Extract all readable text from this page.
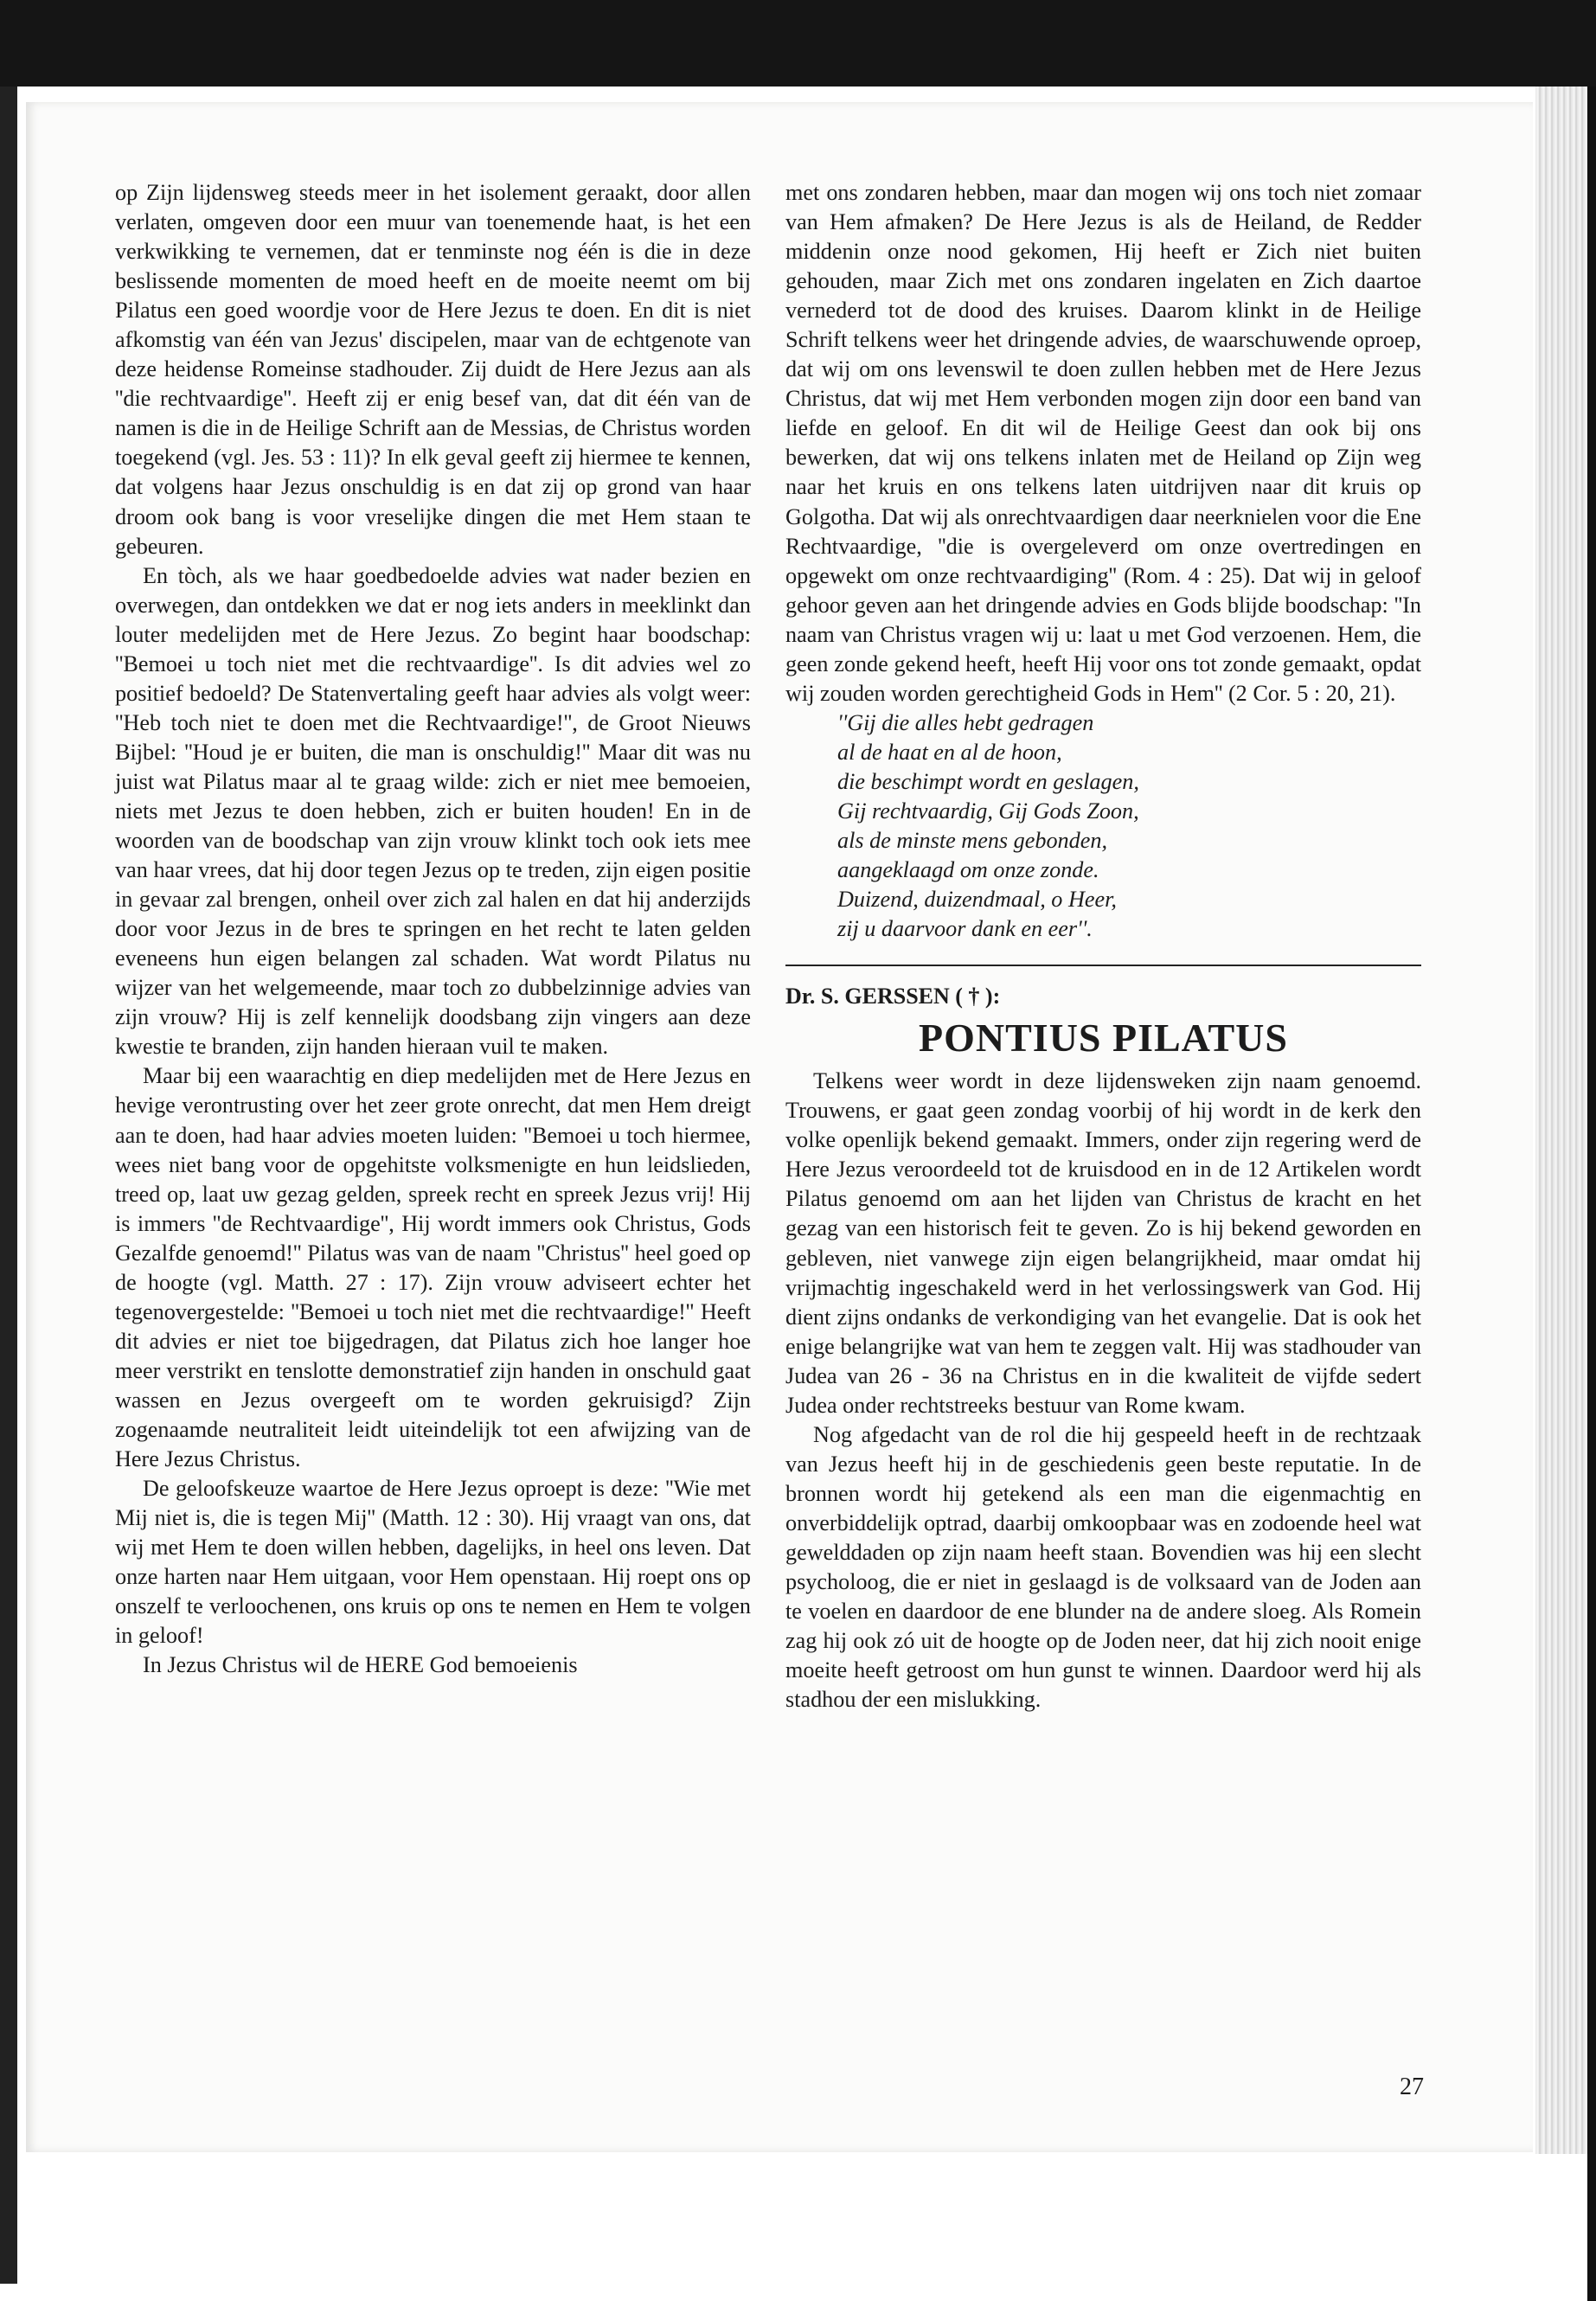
op Zijn lijdensweg steeds meer in het isolement geraakt, door allen verlaten, omgeven door een muur van toenemende haat, is het een verkwikking te vernemen, dat er tenminste nog één is die in deze beslissende momenten de moed heeft en de moeite neemt om bij Pilatus een goed woordje voor de Here Jezus te doen. En dit is niet afkomstig van één van Jezus' discipelen, maar van de echtgenote van deze heidense Romeinse stadhouder. Zij duidt de Here Jezus aan als ''die rechtvaardige''. Heeft zij er enig besef van, dat dit één van de namen is die in de Heilige Schrift aan de Messias, de Christus worden toegekend (vgl. Jes. 53 : 11)? In elk geval geeft zij hiermee te kennen, dat volgens haar Jezus onschuldig is en dat zij op grond van haar droom ook bang is voor vreselijke dingen die met Hem staan te gebeuren.

En tòch, als we haar goedbedoelde advies wat nader bezien en overwegen, dan ontdekken we dat er nog iets anders in meeklinkt dan louter medelijden met de Here Jezus. Zo begint haar boodschap: ''Bemoei u toch niet met die rechtvaardige''. Is dit advies wel zo positief bedoeld? De Statenvertaling geeft haar advies als volgt weer: ''Heb toch niet te doen met die Rechtvaardige!'', de Groot Nieuws Bijbel: ''Houd je er buiten, die man is onschuldig!'' Maar dit was nu juist wat Pilatus maar al te graag wilde: zich er niet mee bemoeien, niets met Jezus te doen hebben, zich er buiten houden! En in de woorden van de boodschap van zijn vrouw klinkt toch ook iets mee van haar vrees, dat hij door tegen Jezus op te treden, zijn eigen positie in gevaar zal brengen, onheil over zich zal halen en dat hij anderzijds door voor Jezus in de bres te springen en het recht te laten gelden eveneens hun eigen belangen zal schaden. Wat wordt Pilatus nu wijzer van het welgemeende, maar toch zo dubbelzinnige advies van zijn vrouw? Hij is zelf kennelijk doodsbang zijn vingers aan deze kwestie te branden, zijn handen hieraan vuil te maken.

Maar bij een waarachtig en diep medelijden met de Here Jezus en hevige verontrusting over het zeer grote onrecht, dat men Hem dreigt aan te doen, had haar advies moeten luiden: ''Bemoei u toch hiermee, wees niet bang voor de opgehitste volksmenigte en hun leidslieden, treed op, laat uw gezag gelden, spreek recht en spreek Jezus vrij! Hij is immers ''de Rechtvaardige'', Hij wordt immers ook Christus, Gods Gezalfde genoemd!'' Pilatus was van de naam ''Christus'' heel goed op de hoogte (vgl. Matth. 27 : 17). Zijn vrouw adviseert echter het tegenovergestelde: ''Bemoei u toch niet met die rechtvaardige!'' Heeft dit advies er niet toe bijgedragen, dat Pilatus zich hoe langer hoe meer verstrikt en tenslotte demonstratief zijn handen in onschuld gaat wassen en Jezus overgeeft om te worden gekruisigd? Zijn zogenaamde neutraliteit leidt uiteindelijk tot een afwijzing van de Here Jezus Christus.

De geloofskeuze waartoe de Here Jezus oproept is deze: ''Wie met Mij niet is, die is tegen Mij'' (Matth. 12 : 30). Hij vraagt van ons, dat wij met Hem te doen willen hebben, dagelijks, in heel ons leven. Dat onze harten naar Hem uitgaan, voor Hem openstaan. Hij roept ons op onszelf te verloochenen, ons kruis op ons te nemen en Hem te volgen in geloof!

In Jezus Christus wil de HERE God bemoeienis

met ons zondaren hebben, maar dan mogen wij ons toch niet zomaar van Hem afmaken? De Here Jezus is als de Heiland, de Redder middenin onze nood gekomen, Hij heeft er Zich niet buiten gehouden, maar Zich met ons zondaren ingelaten en Zich daartoe vernederd tot de dood des kruises. Daarom klinkt in de Heilige Schrift telkens weer het dringende advies, de waarschuwende oproep, dat wij om ons levenswil te doen zullen hebben met de Here Jezus Christus, dat wij met Hem verbonden mogen zijn door een band van liefde en geloof. En dit wil de Heilige Geest dan ook bij ons bewerken, dat wij ons telkens inlaten met de Heiland op Zijn weg naar het kruis en ons telkens laten uitdrijven naar dit kruis op Golgotha. Dat wij als onrechtvaardigen daar neerknielen voor die Ene Rechtvaardige, ''die is overgeleverd om onze overtredingen en opgewekt om onze rechtvaardiging'' (Rom. 4 : 25). Dat wij in geloof gehoor geven aan het dringende advies en Gods blijde boodschap: ''In naam van Christus vragen wij u: laat u met God verzoenen. Hem, die geen zonde gekend heeft, heeft Hij voor ons tot zonde gemaakt, opdat wij zouden worden gerechtigheid Gods in Hem'' (2 Cor. 5 : 20, 21).

''Gij die alles hebt gedragen
al de haat en al de hoon,
die beschimpt wordt en geslagen,
Gij rechtvaardig, Gij Gods Zoon,
als de minste mens gebonden,
aangeklaagd om onze zonde.
Duizend, duizendmaal, o Heer,
zij u daarvoor dank en eer''.
Dr. S. GERSSEN ( † ):
PONTIUS PILATUS

Telkens weer wordt in deze lijdensweken zijn naam genoemd. Trouwens, er gaat geen zondag voorbij of hij wordt in de kerk den volke openlijk bekend gemaakt. Immers, onder zijn regering werd de Here Jezus veroordeeld tot de kruisdood en in de 12 Artikelen wordt Pilatus genoemd om aan het lijden van Christus de kracht en het gezag van een historisch feit te geven. Zo is hij bekend geworden en gebleven, niet vanwege zijn eigen belangrijkheid, maar omdat hij vrijmachtig ingeschakeld werd in het verlossingswerk van God. Hij dient zijns ondanks de verkondiging van het evangelie. Dat is ook het enige belangrijke wat van hem te zeggen valt. Hij was stadhouder van Judea van 26 - 36 na Christus en in die kwaliteit de vijfde sedert Judea onder rechtstreeks bestuur van Rome kwam.

Nog afgedacht van de rol die hij gespeeld heeft in de rechtzaak van Jezus heeft hij in de geschiedenis geen beste reputatie. In de bronnen wordt hij getekend als een man die eigenmachtig en onverbiddelijk optrad, daarbij omkoopbaar was en zodoende heel wat gewelddaden op zijn naam heeft staan. Bovendien was hij een slecht psycholoog, die er niet in geslaagd is de volksaard van de Joden aan te voelen en daardoor de ene blunder na de andere sloeg. Als Romein zag hij ook zó uit de hoogte op de Joden neer, dat hij zich nooit enige moeite heeft getroost om hun gunst te winnen. Daardoor werd hij als stadhou der een mislukking.

27
